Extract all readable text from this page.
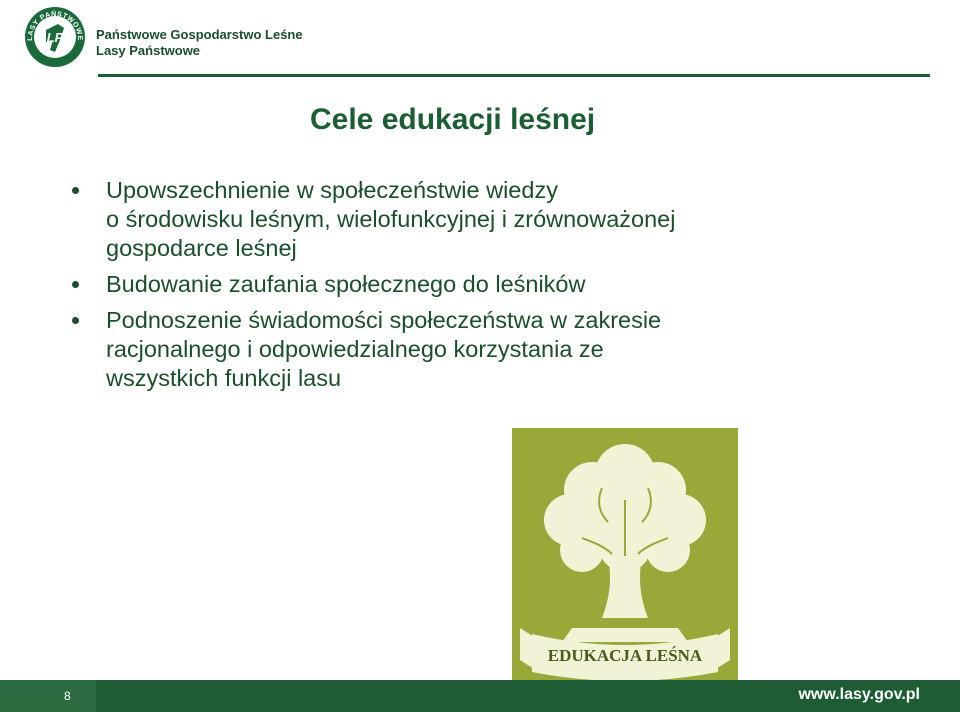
LASY PAŃSTWOWE
LP	Państwowe Gospodarstwo Leśne
Lasy Państwowe
Cele edukacji leśnej
Upowszechnienie w społeczeństwie wiedzy
o środowisku leśnym, wielofunkcyjnej i zrównoważonej
gospodarce leśnej
Budowanie zaufania społecznego do leśników
Podnoszenie świadomości społeczeństwa w zakresie
racjonalnego i odpowiedzialnego korzystania ze
wszystkich funkcji lasu
EDUKACJA LEŚNA
8	www.lasy.gov.pl
